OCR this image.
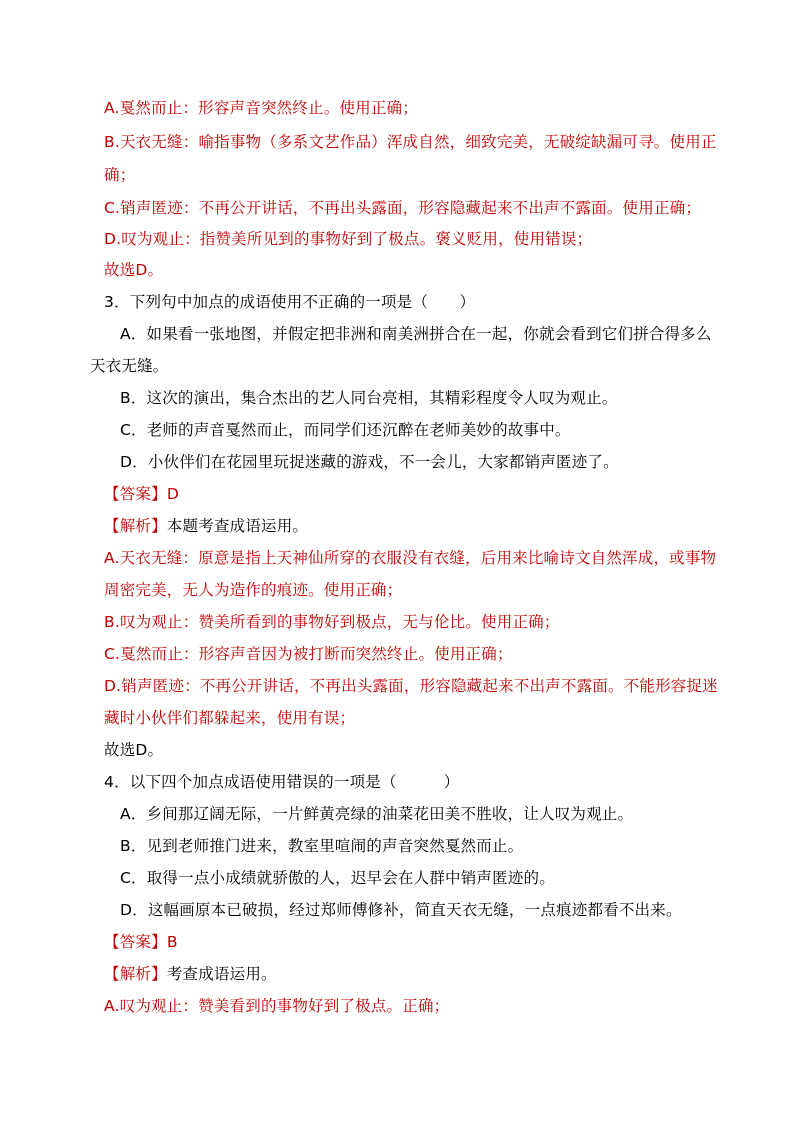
A.戛然而止：形容声音突然终止。使用正确；
B.天衣无缝：喻指事物（多系文艺作品）浑成自然，细致完美，无破绽缺漏可寻。使用正
确；
C.销声匿迹：不再公开讲话，不再出头露面，形容隐藏起来不出声不露面。使用正确；
D.叹为观止：指赞美所见到的事物好到了极点。褒义贬用，使用错误；
故选D。
3．下列句中加点的成语使用不正确的一项是（　　）
A．如果看一张地图，并假定把非洲和南美洲拼合在一起，你就会看到它们拼合得多么
天衣无缝。
B．这次的演出，集合杰出的艺人同台亮相，其精彩程度令人叹为观止。
C．老师的声音戛然而止，而同学们还沉醉在老师美妙的故事中。
D．小伙伴们在花园里玩捉迷藏的游戏，不一会儿，大家都销声匿迹了。
【答案】D
【解析】本题考查成语运用。
A.天衣无缝：原意是指上天神仙所穿的衣服没有衣缝，后用来比喻诗文自然浑成，或事物
周密完美，无人为造作的痕迹。使用正确；
B.叹为观止：赞美所看到的事物好到极点，无与伦比。使用正确；
C.戛然而止：形容声音因为被打断而突然终止。使用正确；
D.销声匿迹：不再公开讲话，不再出头露面，形容隐藏起来不出声不露面。不能形容捉迷
藏时小伙伴们都躲起来，使用有误；
故选D。
4．以下四个加点成语使用错误的一项是（　　　）
A．乡间那辽阔无际，一片鲜黄亮绿的油菜花田美不胜收，让人叹为观止。
B．见到老师推门进来，教室里喧闹的声音突然戛然而止。
C．取得一点小成绩就骄傲的人，迟早会在人群中销声匿迹的。
D．这幅画原本已破损，经过郑师傅修补，简直天衣无缝，一点痕迹都看不出来。
【答案】B
【解析】考查成语运用。
A.叹为观止：赞美看到的事物好到了极点。正确；
